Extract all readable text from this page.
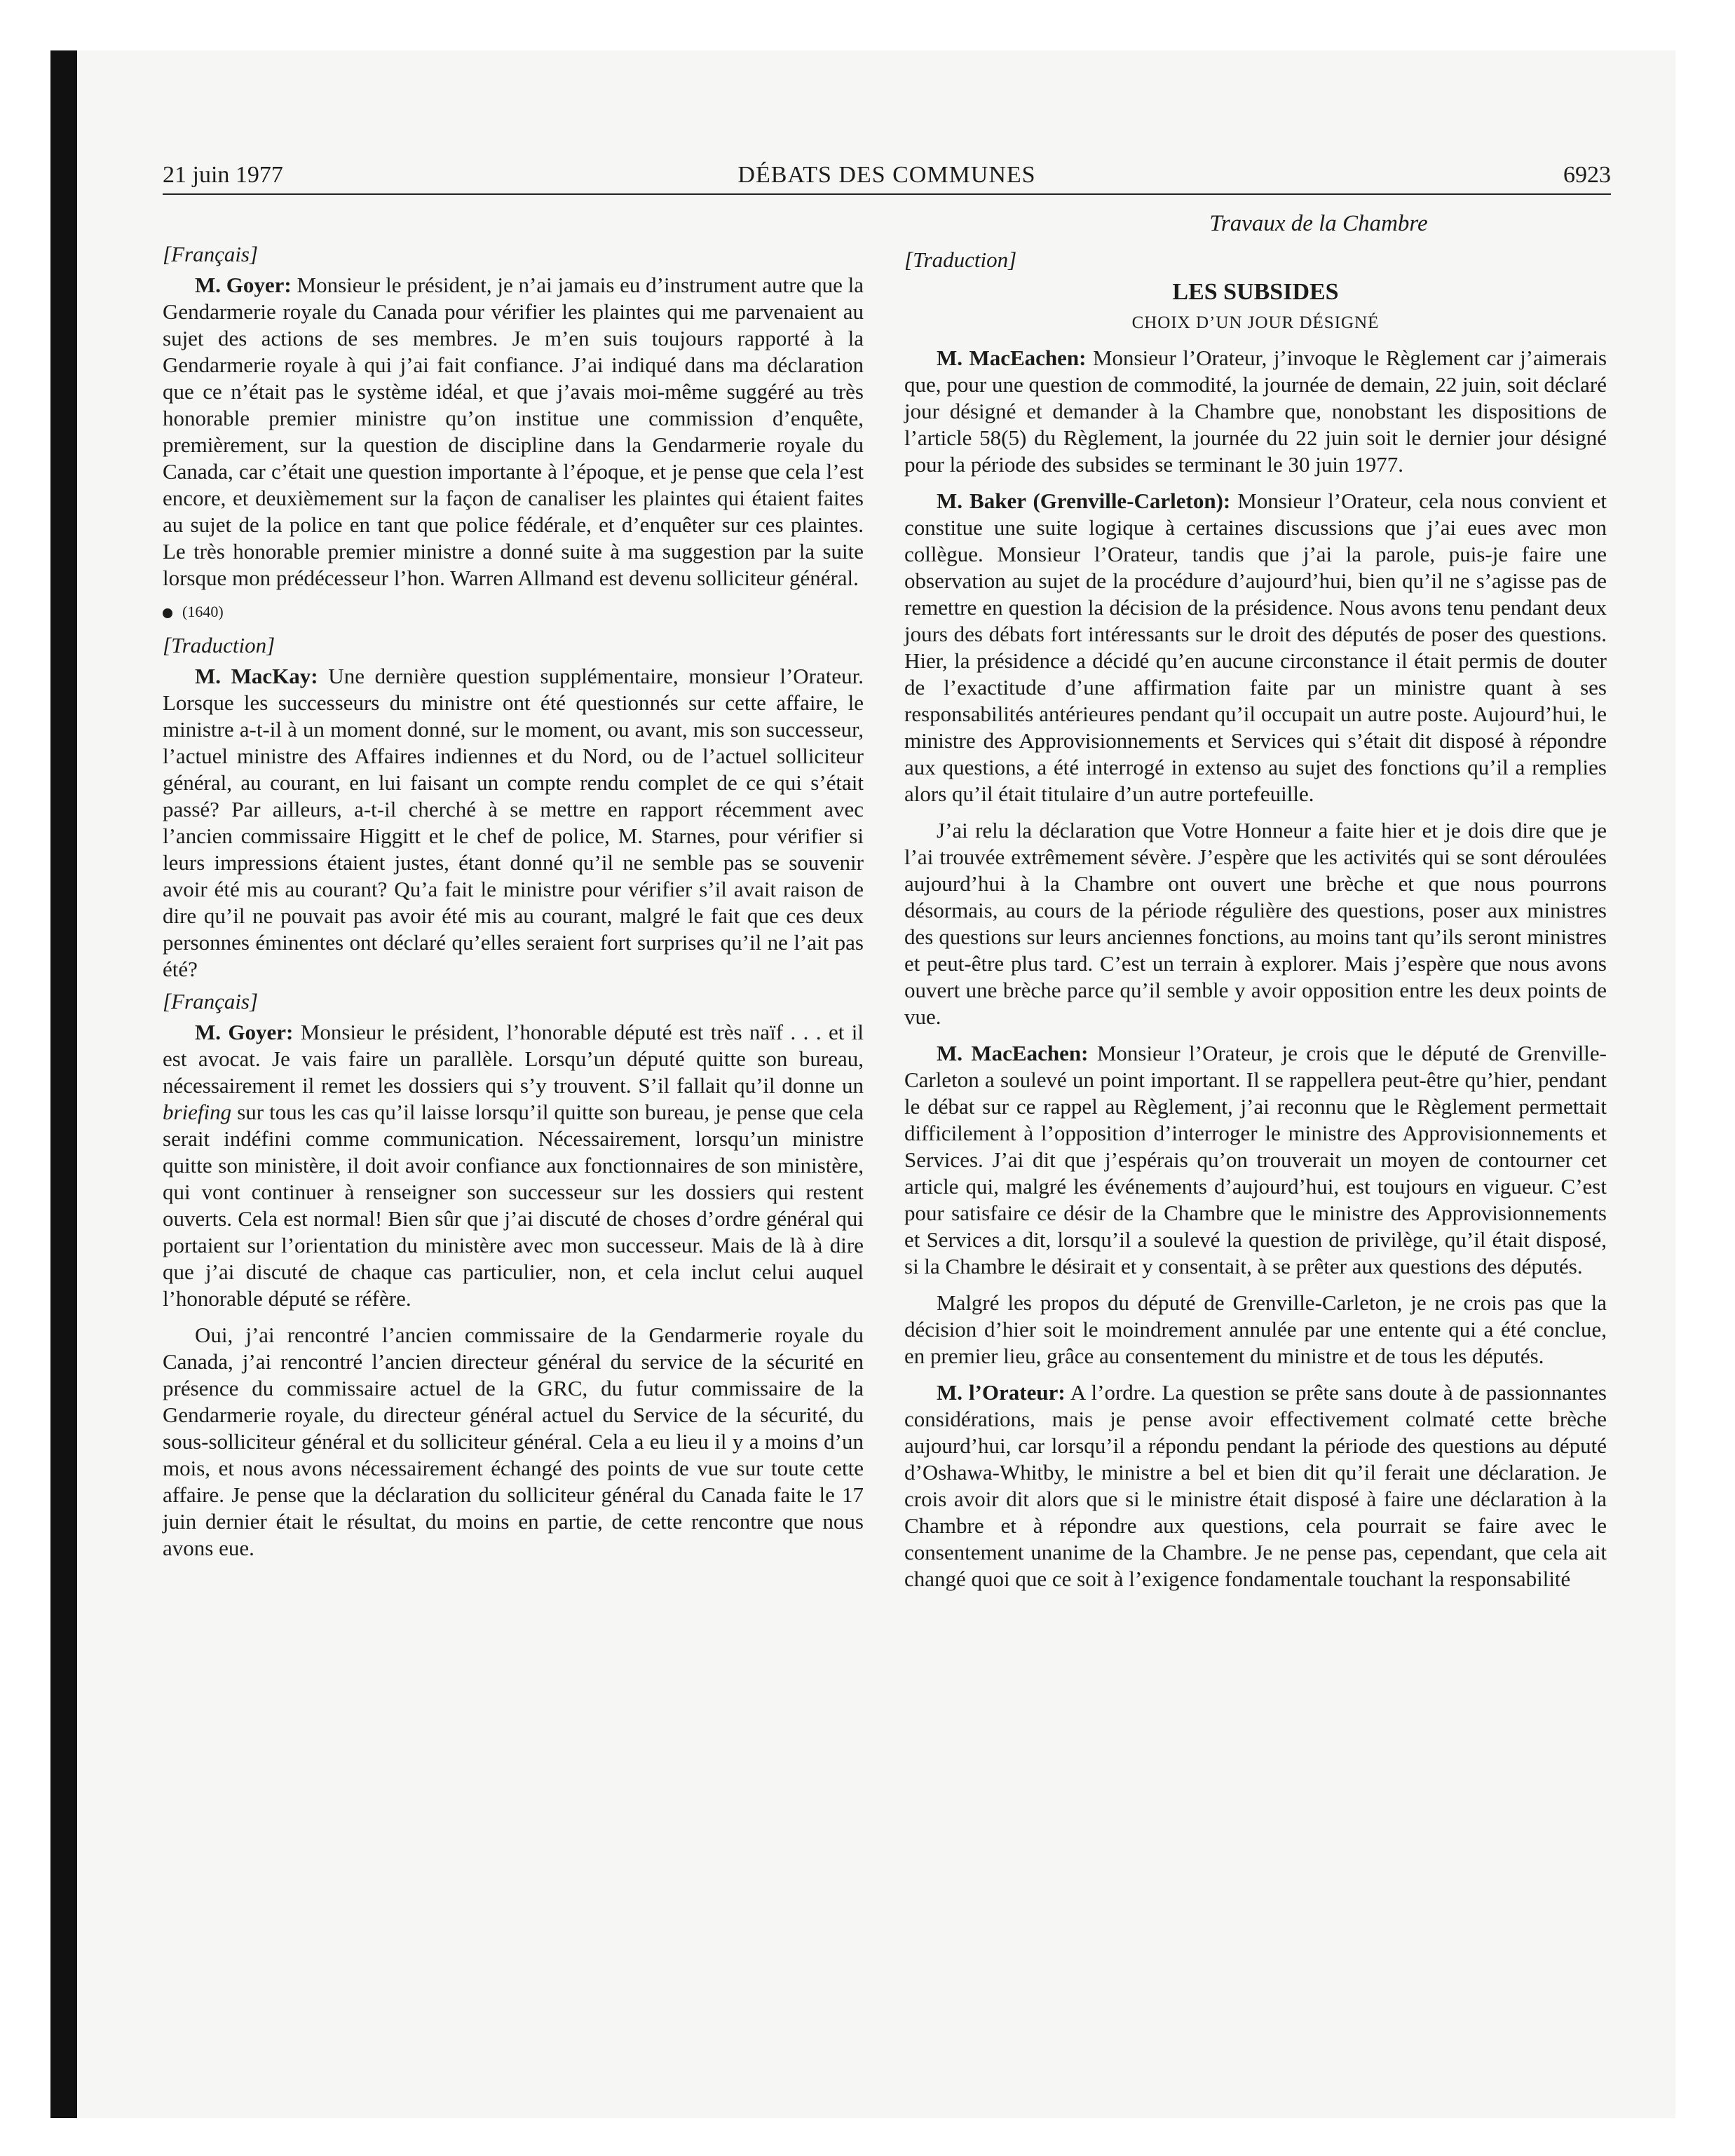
21 juin 1977	DÉBATS DES COMMUNES	6923
[Français]

M. Goyer: Monsieur le président, je n’ai jamais eu d’instrument autre que la Gendarmerie royale du Canada pour vérifier les plaintes qui me parvenaient au sujet des actions de ses membres. Je m’en suis toujours rapporté à la Gendarmerie royale à qui j’ai fait confiance. J’ai indiqué dans ma déclaration que ce n’était pas le système idéal, et que j’avais moi-même suggéré au très honorable premier ministre qu’on institue une commission d’enquête, premièrement, sur la question de discipline dans la Gendarmerie royale du Canada, car c’était une question importante à l’époque, et je pense que cela l’est encore, et deuxièmement sur la façon de canaliser les plaintes qui étaient faites au sujet de la police en tant que police fédérale, et d’enquêter sur ces plaintes. Le très honorable premier ministre a donné suite à ma suggestion par la suite lorsque mon prédécesseur l’hon. Warren Allmand est devenu solliciteur général.

(1640)
[Traduction]

M. MacKay: Une dernière question supplémentaire, monsieur l’Orateur. Lorsque les successeurs du ministre ont été questionnés sur cette affaire, le ministre a-t-il à un moment donné, sur le moment, ou avant, mis son successeur, l’actuel ministre des Affaires indiennes et du Nord, ou de l’actuel solliciteur général, au courant, en lui faisant un compte rendu complet de ce qui s’était passé? Par ailleurs, a-t-il cherché à se mettre en rapport récemment avec l’ancien commissaire Higgitt et le chef de police, M. Starnes, pour vérifier si leurs impressions étaient justes, étant donné qu’il ne semble pas se souvenir avoir été mis au courant? Qu’a fait le ministre pour vérifier s’il avait raison de dire qu’il ne pouvait pas avoir été mis au courant, malgré le fait que ces deux personnes éminentes ont déclaré qu’elles seraient fort surprises qu’il ne l’ait pas été?

[Français]

M. Goyer: Monsieur le président, l’honorable député est très naïf . . . et il est avocat. Je vais faire un parallèle. Lorsqu’un député quitte son bureau, nécessairement il remet les dossiers qui s’y trouvent. S’il fallait qu’il donne un briefing sur tous les cas qu’il laisse lorsqu’il quitte son bureau, je pense que cela serait indéfini comme communication. Nécessairement, lorsqu’un ministre quitte son ministère, il doit avoir confiance aux fonctionnaires de son ministère, qui vont continuer à renseigner son successeur sur les dossiers qui restent ouverts. Cela est normal! Bien sûr que j’ai discuté de choses d’ordre général qui portaient sur l’orientation du ministère avec mon successeur. Mais de là à dire que j’ai discuté de chaque cas particulier, non, et cela inclut celui auquel l’honorable député se réfère.

Oui, j’ai rencontré l’ancien commissaire de la Gendarmerie royale du Canada, j’ai rencontré l’ancien directeur général du service de la sécurité en présence du commissaire actuel de la GRC, du futur commissaire de la Gendarmerie royale, du directeur général actuel du Service de la sécurité, du sous-solliciteur général et du solliciteur général. Cela a eu lieu il y a moins d’un mois, et nous avons nécessairement échangé des points de vue sur toute cette affaire. Je pense que la déclaration du solliciteur général du Canada faite le 17 juin dernier était le résultat, du moins en partie, de cette rencontre que nous avons eue.

Travaux de la Chambre
[Traduction]
LES SUBSIDES
CHOIX D’UN JOUR DÉSIGNÉ

M. MacEachen: Monsieur l’Orateur, j’invoque le Règlement car j’aimerais que, pour une question de commodité, la journée de demain, 22 juin, soit déclaré jour désigné et demander à la Chambre que, nonobstant les dispositions de l’article 58(5) du Règlement, la journée du 22 juin soit le dernier jour désigné pour la période des subsides se terminant le 30 juin 1977.

M. Baker (Grenville-Carleton): Monsieur l’Orateur, cela nous convient et constitue une suite logique à certaines discussions que j’ai eues avec mon collègue. Monsieur l’Orateur, tandis que j’ai la parole, puis-je faire une observation au sujet de la procédure d’aujourd’hui, bien qu’il ne s’agisse pas de remettre en question la décision de la présidence. Nous avons tenu pendant deux jours des débats fort intéressants sur le droit des députés de poser des questions. Hier, la présidence a décidé qu’en aucune circonstance il était permis de douter de l’exactitude d’une affirmation faite par un ministre quant à ses responsabilités antérieures pendant qu’il occupait un autre poste. Aujourd’hui, le ministre des Approvisionnements et Services qui s’était dit disposé à répondre aux questions, a été interrogé in extenso au sujet des fonctions qu’il a remplies alors qu’il était titulaire d’un autre portefeuille.

J’ai relu la déclaration que Votre Honneur a faite hier et je dois dire que je l’ai trouvée extrêmement sévère. J’espère que les activités qui se sont déroulées aujourd’hui à la Chambre ont ouvert une brèche et que nous pourrons désormais, au cours de la période régulière des questions, poser aux ministres des questions sur leurs anciennes fonctions, au moins tant qu’ils seront ministres et peut-être plus tard. C’est un terrain à explorer. Mais j’espère que nous avons ouvert une brèche parce qu’il semble y avoir opposition entre les deux points de vue.

M. MacEachen: Monsieur l’Orateur, je crois que le député de Grenville-Carleton a soulevé un point important. Il se rappellera peut-être qu’hier, pendant le débat sur ce rappel au Règlement, j’ai reconnu que le Règlement permettait difficilement à l’opposition d’interroger le ministre des Approvisionnements et Services. J’ai dit que j’espérais qu’on trouverait un moyen de contourner cet article qui, malgré les événements d’aujourd’hui, est toujours en vigueur. C’est pour satisfaire ce désir de la Chambre que le ministre des Approvisionnements et Services a dit, lorsqu’il a soulevé la question de privilège, qu’il était disposé, si la Chambre le désirait et y consentait, à se prêter aux questions des députés.

Malgré les propos du député de Grenville-Carleton, je ne crois pas que la décision d’hier soit le moindrement annulée par une entente qui a été conclue, en premier lieu, grâce au consentement du ministre et de tous les députés.

M. l’Orateur: A l’ordre. La question se prête sans doute à de passionnantes considérations, mais je pense avoir effectivement colmaté cette brèche aujourd’hui, car lorsqu’il a répondu pendant la période des questions au député d’Oshawa-Whitby, le ministre a bel et bien dit qu’il ferait une déclaration. Je crois avoir dit alors que si le ministre était disposé à faire une déclaration à la Chambre et à répondre aux questions, cela pourrait se faire avec le consentement unanime de la Chambre. Je ne pense pas, cependant, que cela ait changé quoi que ce soit à l’exigence fondamentale touchant la responsabilité
